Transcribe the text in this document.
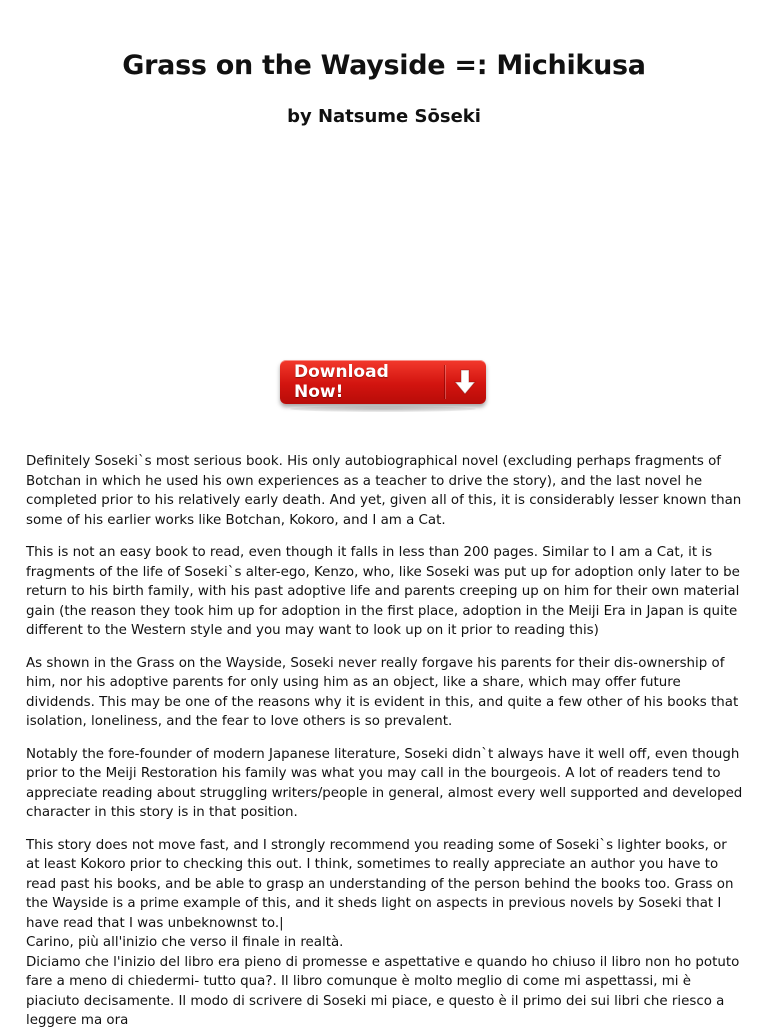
Grass on the Wayside =: Michikusa
by Natsume Sōseki
Download Now!

Definitely Soseki`s most serious book. His only autobiographical novel (excluding perhaps fragments of Botchan in which he used his own experiences as a teacher to drive the story), and the last novel he completed prior to his relatively early death. And yet, given all of this, it is considerably lesser known than some of his earlier works like Botchan, Kokoro, and I am a Cat.

This is not an easy book to read, even though it falls in less than 200 pages. Similar to I am a Cat, it is fragments of the life of Soseki`s alter-ego, Kenzo, who, like Soseki was put up for adoption only later to be return to his birth family, with his past adoptive life and parents creeping up on him for their own material gain (the reason they took him up for adoption in the first place, adoption in the Meiji Era in Japan is quite different to the Western style and you may want to look up on it prior to reading this)

As shown in the Grass on the Wayside, Soseki never really forgave his parents for their dis-ownership of him, nor his adoptive parents for only using him as an object, like a share, which may offer future dividends. This may be one of the reasons why it is evident in this, and quite a few other of his books that isolation, loneliness, and the fear to love others is so prevalent.

Notably the fore-founder of modern Japanese literature, Soseki didn`t always have it well off, even though prior to the Meiji Restoration his family was what you may call in the bourgeois. A lot of readers tend to appreciate reading about struggling writers/people in general, almost every well supported and developed character in this story is in that position.

This story does not move fast, and I strongly recommend you reading some of Soseki`s lighter books, or at least Kokoro prior to checking this out. I think, sometimes to really appreciate an author you have to read past his books, and be able to grasp an understanding of the person behind the books too. Grass on the Wayside is a prime example of this, and it sheds light on aspects in previous novels by Soseki that I have read that I was unbeknownst to.|

Carino, più all'inizio che verso il finale in realtà.

Diciamo che l'inizio del libro era pieno di promesse e aspettative e quando ho chiuso il libro non ho potuto fare a meno di chiedermi- tutto qua?. Il libro comunque è molto meglio di come mi aspettassi, mi è piaciuto decisamente. Il modo di scrivere di Soseki mi piace, e questo è il primo dei sui libri che riesco a leggere ma ora
